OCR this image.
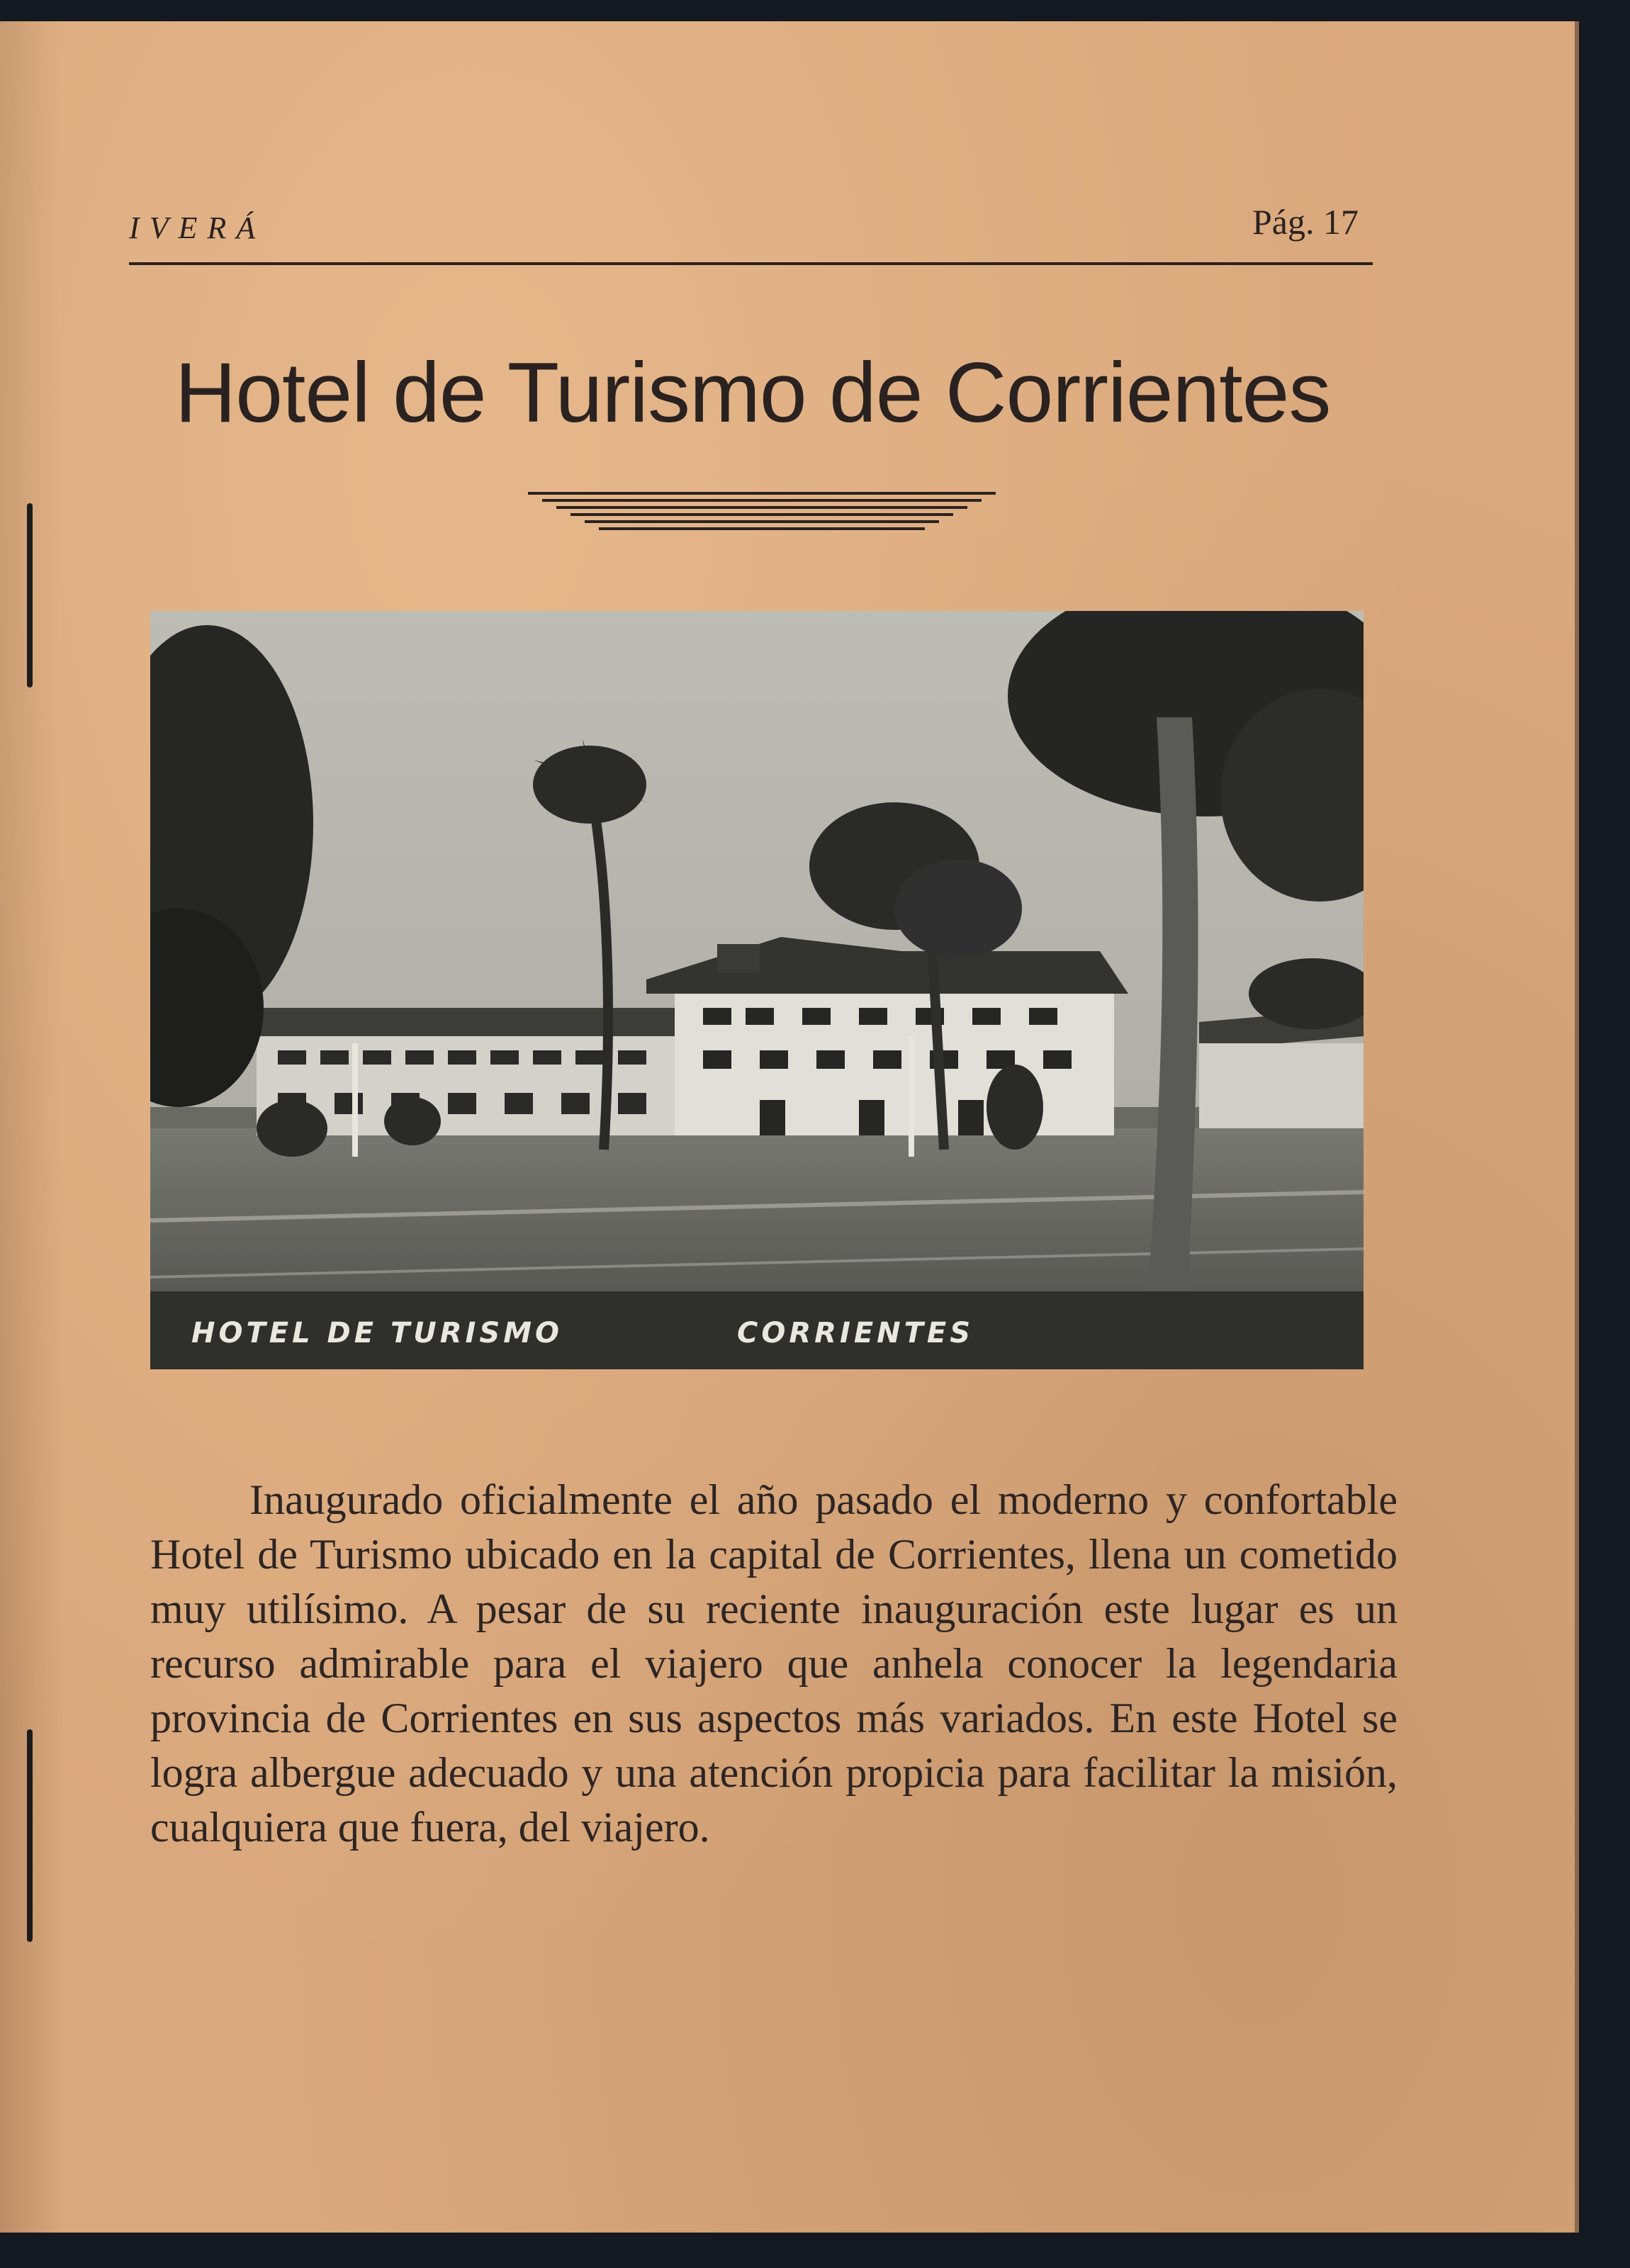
IVERÁ	Pág. 17
Hotel de Turismo de Corrientes
HOTEL DE TURISMO	CORRIENTES

Inaugurado oficialmente el año pasado el moderno y confortable Hotel de Turismo ubicado en la capital de Corrientes, llena un cometido muy utilísimo. A pesar de su reciente inauguración este lugar es un recurso admirable para el viajero que anhela conocer la legendaria provincia de Corrientes en sus aspectos más variados. En este Hotel se logra albergue adecuado y una atención propicia para facilitar la misión, cualquiera que fuera, del viajero.
